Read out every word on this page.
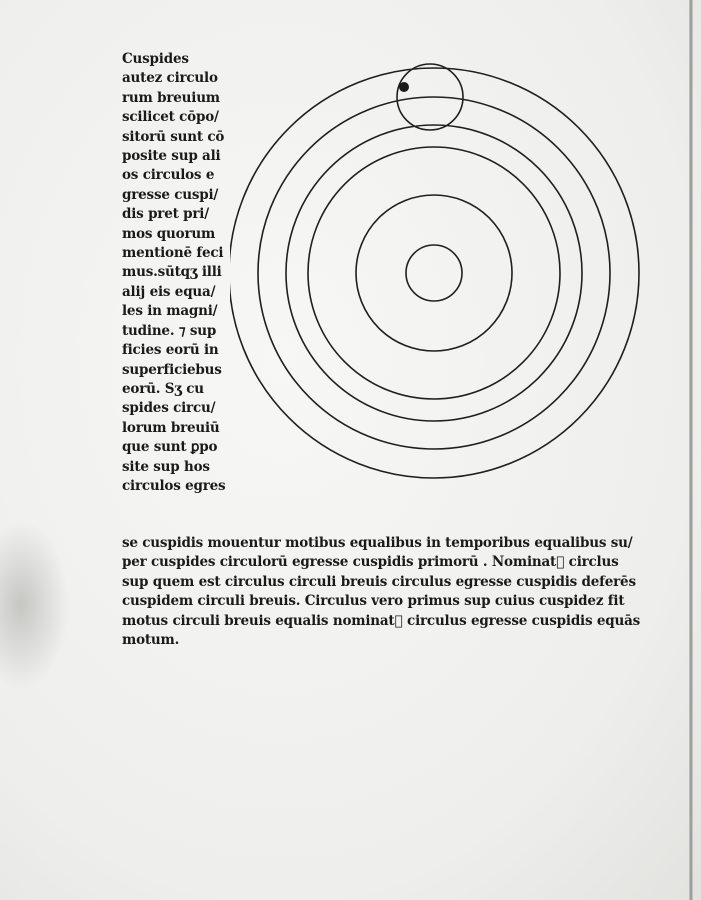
Cuspides
autez circulo
rum breuium
scilicet cōpo/
sitorū sunt cō
posite sup ali
os circulos e
gresse cuspi/
dis pret pri/
mos quorum
mentionē feci
mus.sūtqʒ illi
alij eis equa/
les in magni/
tudine. ⁊ sup
ficies eorū in
superficiebus
eorū. Sʒ cu
spides circu/
lorum breuiū
que sunt ꝑpo
site sup hos
circulos egres
se cuspidis mouentur motibus equalibus in temporibus equalibus su/
per cuspides circulorū egresse cuspidis primorū . Nominatᷓ circlus
sup quem est circulus circuli breuis circulus egresse cuspidis deferēs
cuspidem circuli breuis. Circulus vero primus sup cuius cuspidez fit
motus circuli breuis equalis nominatᷓ circulus egresse cuspidis equās
motum.
